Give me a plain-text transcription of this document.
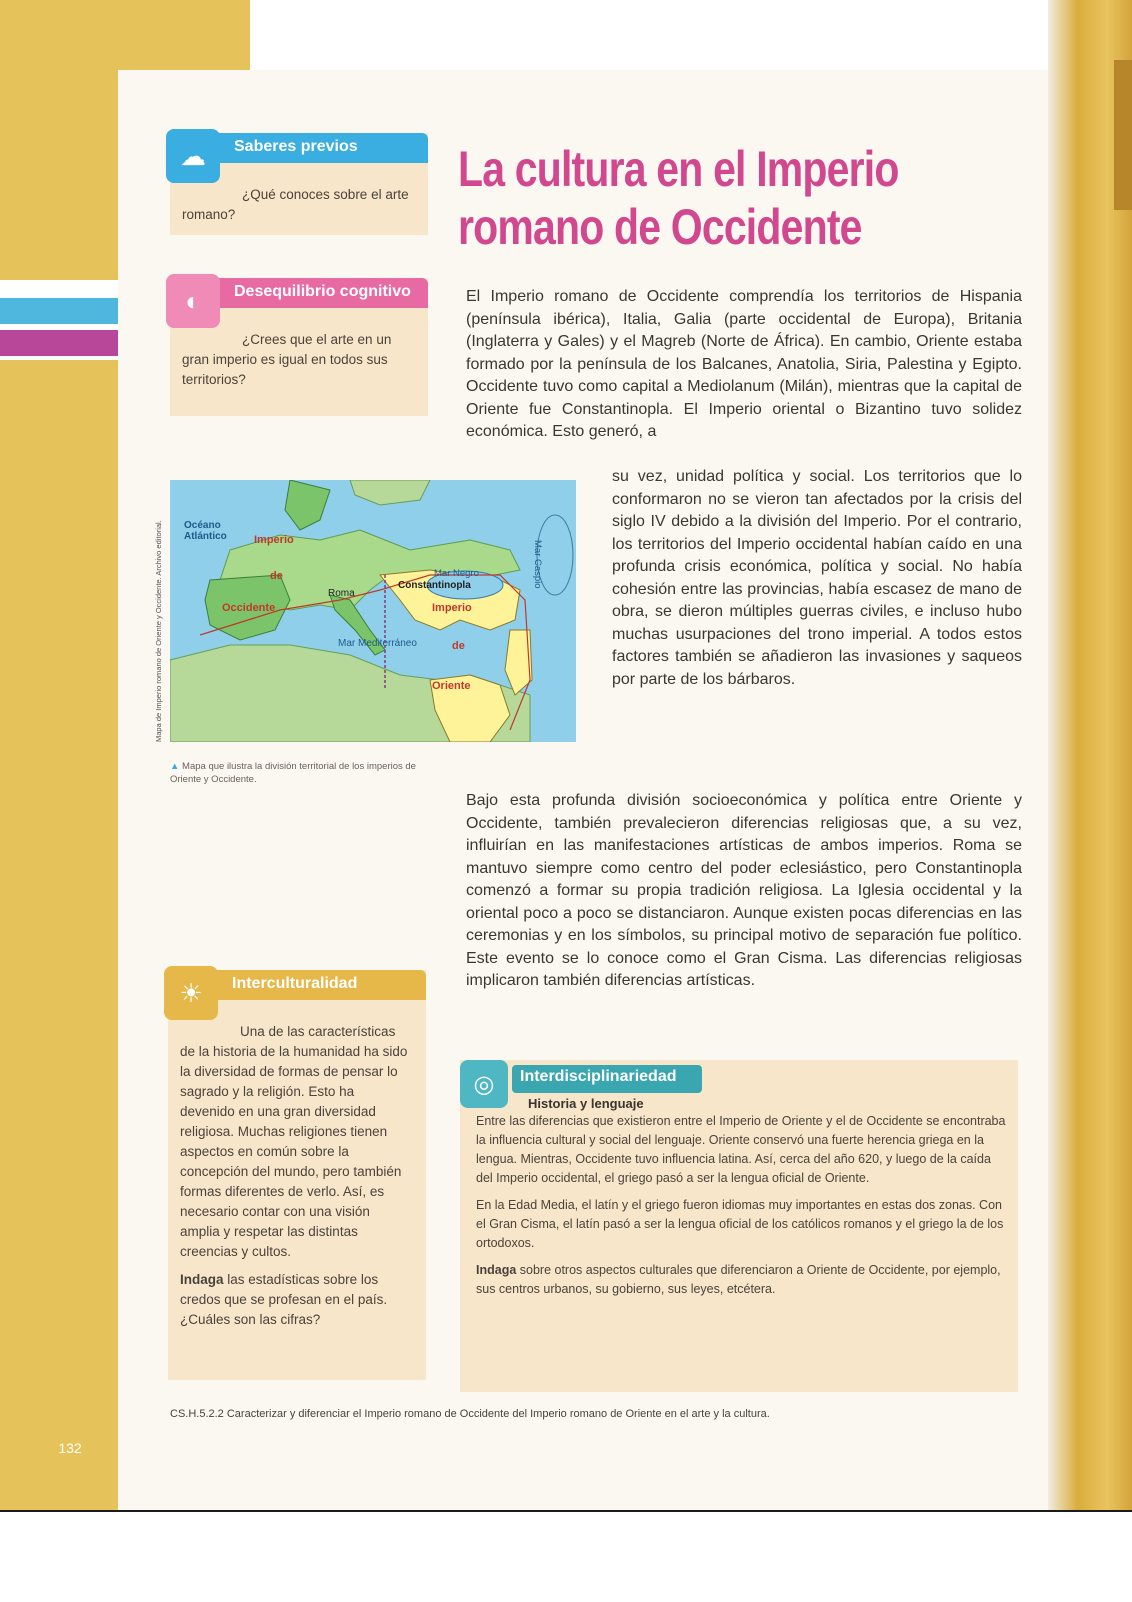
132
☁	Saberes previos

¿Qué conoces sobre el arte romano?

◐	Desequilibrio cognitivo

¿Crees que el arte en un gran imperio es igual en todos sus territorios?

La cultura en el Imperio romano de Occidente

El Imperio romano de Occidente comprendía los territorios de Hispania (península ibérica), Italia, Galia (parte occidental de Europa), Britania (Inglaterra y Gales) y el Magreb (Norte de África). En cambio, Oriente estaba formado por la península de los Balcanes, Anatolia, Siria, Palestina y Egipto. Occidente tuvo como capital a Mediolanum (Milán), mientras que la capital de Oriente fue Constantinopla. El Imperio oriental o Bizantino tuvo solidez económica. Esto generó, a

su vez, unidad política y social. Los territorios que lo conformaron no se vieron tan afectados por la crisis del siglo IV debido a la división del Imperio. Por el contrario, los territorios del Imperio occidental habían caído en una profunda crisis económica, política y social. No había cohesión entre las provincias, había escasez de mano de obra, se dieron múltiples guerras civiles, e incluso hubo muchas usurpaciones del trono imperial. A todos estos factores también se añadieron las invasiones y saqueos por parte de los bárbaros.

Bajo esta profunda división socioeconómica y política entre Oriente y Occidente, también prevalecieron diferencias religiosas que, a su vez, influirían en las manifestaciones artísticas de ambos imperios. Roma se mantuvo siempre como centro del poder eclesiástico, pero Constantinopla comenzó a formar su propia tradición religiosa. La Iglesia occidental y la oriental poco a poco se distanciaron. Aunque existen pocas diferencias en las ceremonias y en los símbolos, su principal motivo de separación fue político. Este evento se lo conoce como el Gran Cisma. Las diferencias religiosas implicaron también diferencias artísticas.

Mapa de Imperio romano de Oriente y Occidente. Archivo editorial. Océano Atlántico	Imperio
de
Occidente
Roma
Constantinopla
Mar Negro	Mar Caspio
Mar Mediterráneo
Imperio
de
Oriente
▲ Mapa que ilustra la división territorial de los imperios de Oriente y Occidente.
☀	Interculturalidad

Una de las características de la historia de la humanidad ha sido la diversidad de formas de pensar lo sagrado y la religión. Esto ha devenido en una gran diversidad religiosa. Muchas religiones tienen aspectos en común sobre la concepción del mundo, pero también formas diferentes de verlo. Así, es necesario contar con una visión amplia y respetar las distintas creencias y cultos.

Indaga las estadísticas sobre los credos que se profesan en el país. ¿Cuáles son las cifras?

◎	Interdisciplinariedad
Historia y lenguaje

Entre las diferencias que existieron entre el Imperio de Oriente y el de Occidente se encontraba la influencia cultural y social del lenguaje. Oriente conservó una fuerte herencia griega en la lengua. Mientras, Occidente tuvo influencia latina. Así, cerca del año 620, y luego de la caída del Imperio occidental, el griego pasó a ser la lengua oficial de Oriente.

En la Edad Media, el latín y el griego fueron idiomas muy importantes en estas dos zonas. Con el Gran Cisma, el latín pasó a ser la lengua oficial de los católicos romanos y el griego la de los ortodoxos.

Indaga sobre otros aspectos culturales que diferenciaron a Oriente de Occidente, por ejemplo, sus centros urbanos, su gobierno, sus leyes, etcétera.

CS.H.5.2.2 Caracterizar y diferenciar el Imperio romano de Occidente del Imperio romano de Oriente en el arte y la cultura.
